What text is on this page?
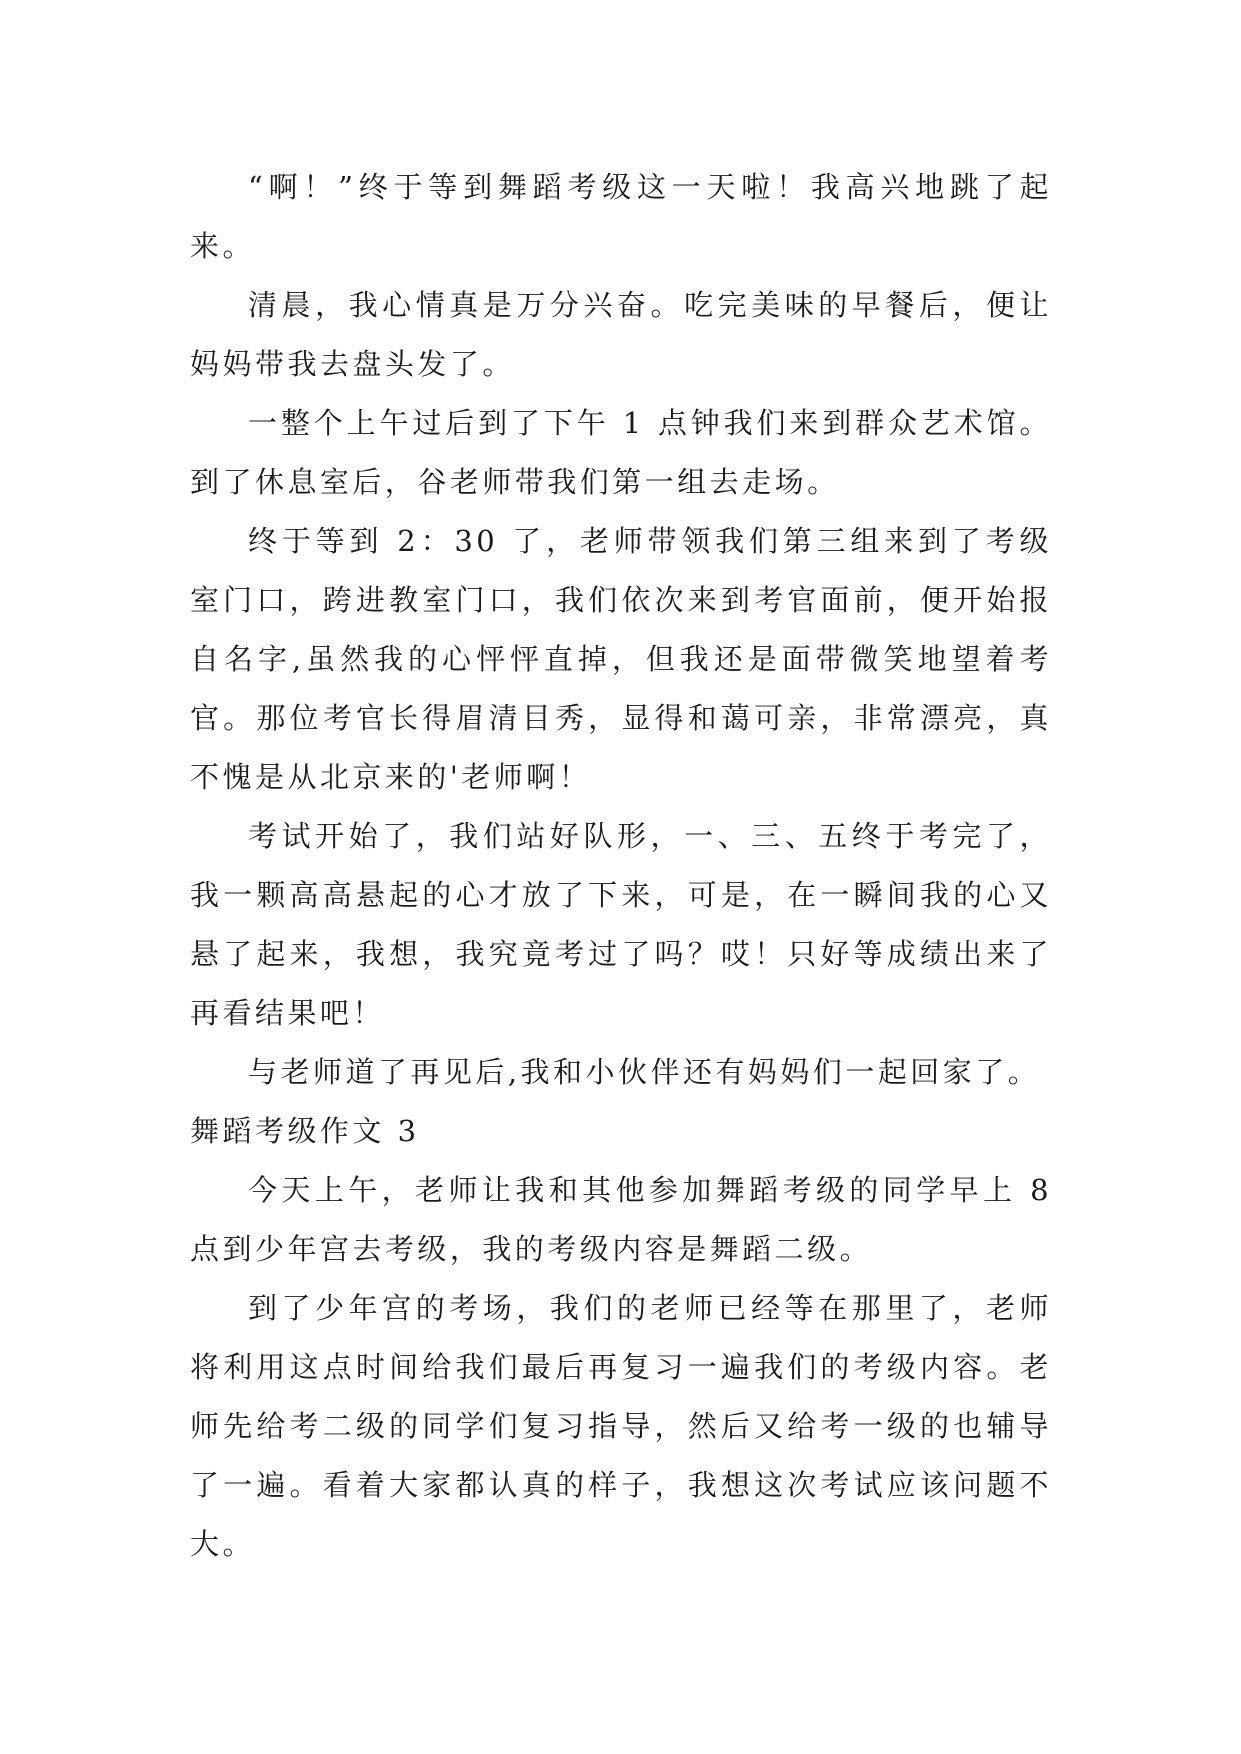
“啊！”终于等到舞蹈考级这一天啦！我高兴地跳了起来。

清晨，我心情真是万分兴奋。吃完美味的早餐后，便让妈妈带我去盘头发了。

一整个上午过后到了下午 1 点钟我们来到群众艺术馆。到了休息室后，谷老师带我们第一组去走场。

终于等到 2：30 了，老师带领我们第三组来到了考级室门口，跨进教室门口，我们依次来到考官面前，便开始报自名字,虽然我的心怦怦直掉，但我还是面带微笑地望着考官。那位考官长得眉清目秀，显得和蔼可亲，非常漂亮，真不愧是从北京来的'老师啊！

考试开始了，我们站好队形，一、三、五终于考完了，我一颗高高悬起的心才放了下来，可是，在一瞬间我的心又悬了起来，我想，我究竟考过了吗？哎！只好等成绩出来了再看结果吧！

与老师道了再见后,我和小伙伴还有妈妈们一起回家了。

舞蹈考级作文 3

今天上午，老师让我和其他参加舞蹈考级的同学早上 8 点到少年宫去考级，我的考级内容是舞蹈二级。

到了少年宫的考场，我们的老师已经等在那里了，老师将利用这点时间给我们最后再复习一遍我们的考级内容。老师先给考二级的同学们复习指导，然后又给考一级的也辅导了一遍。看着大家都认真的样子，我想这次考试应该问题不大。
